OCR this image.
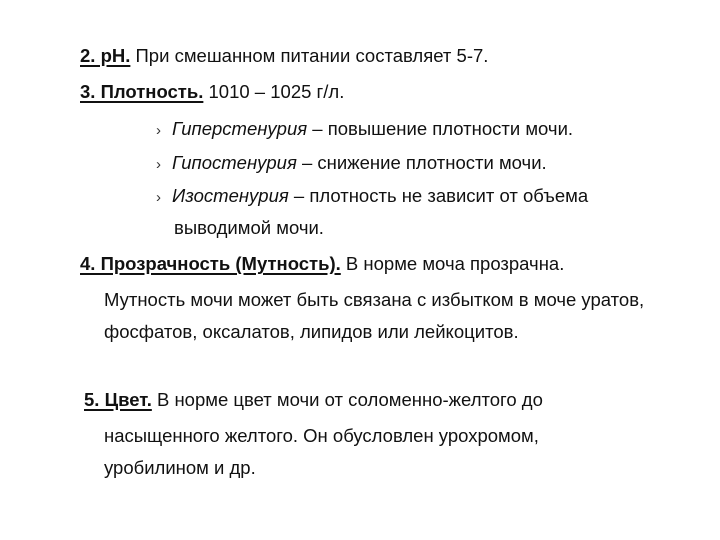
2. pH. При смешанном питании составляет 5-7.
3. Плотность. 1010 – 1025 г/л.
› Гиперстенурия – повышение плотности мочи.
› Гипостенурия – снижение плотности мочи.
› Изостенурия – плотность не зависит от объема
выводимой мочи.
4. Прозрачность (Мутность). В норме моча прозрачна.
Мутность мочи может быть связана с избытком в моче уратов,
фосфатов, оксалатов, липидов или лейкоцитов.
5. Цвет. В норме цвет мочи от соломенно-желтого до
насыщенного желтого. Он обусловлен урохромом,
уробилином и др.
